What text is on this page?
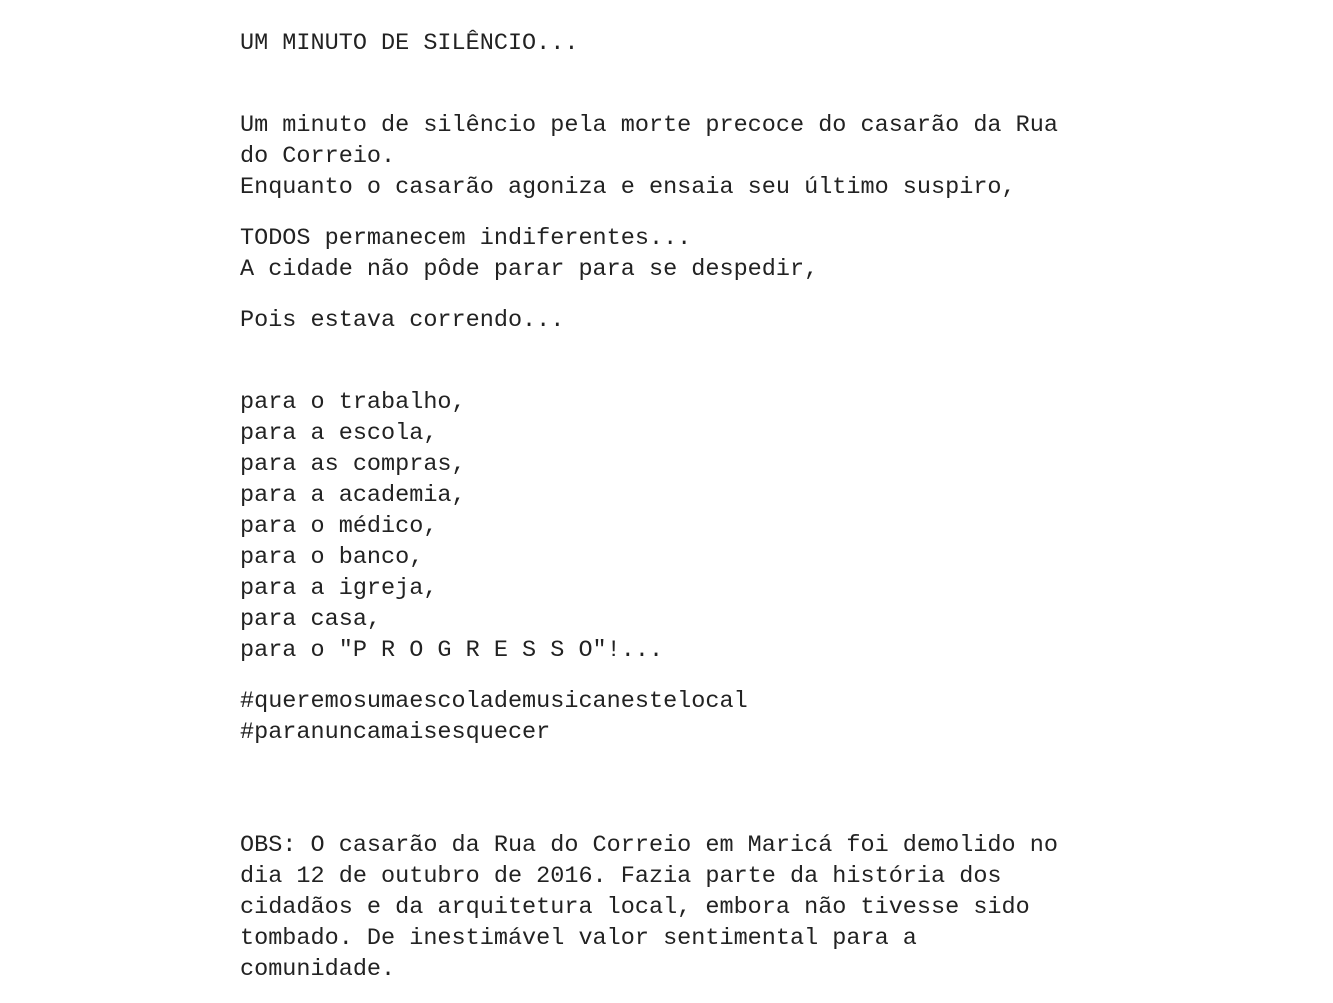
UM MINUTO DE SILÊNCIO...
Um minuto de silêncio pela morte precoce do casarão da Rua
do Correio.
Enquanto o casarão agoniza e ensaia seu último suspiro,
TODOS permanecem indiferentes...
A cidade não pôde parar para se despedir,
Pois estava correndo...
para o trabalho,
para a escola,
para as compras,
para a academia,
para o médico,
para o banco,
para a igreja,
para casa,
para o "P R O G R E S S O"!...
#queremosumaescolademusicanestelocal
#paranuncamaisesquecer
OBS: O casarão da Rua do Correio em Maricá foi demolido no
dia 12 de outubro de 2016. Fazia parte da história dos
cidadãos e da arquitetura local, embora não tivesse sido
tombado. De inestimável valor sentimental para a
comunidade.
